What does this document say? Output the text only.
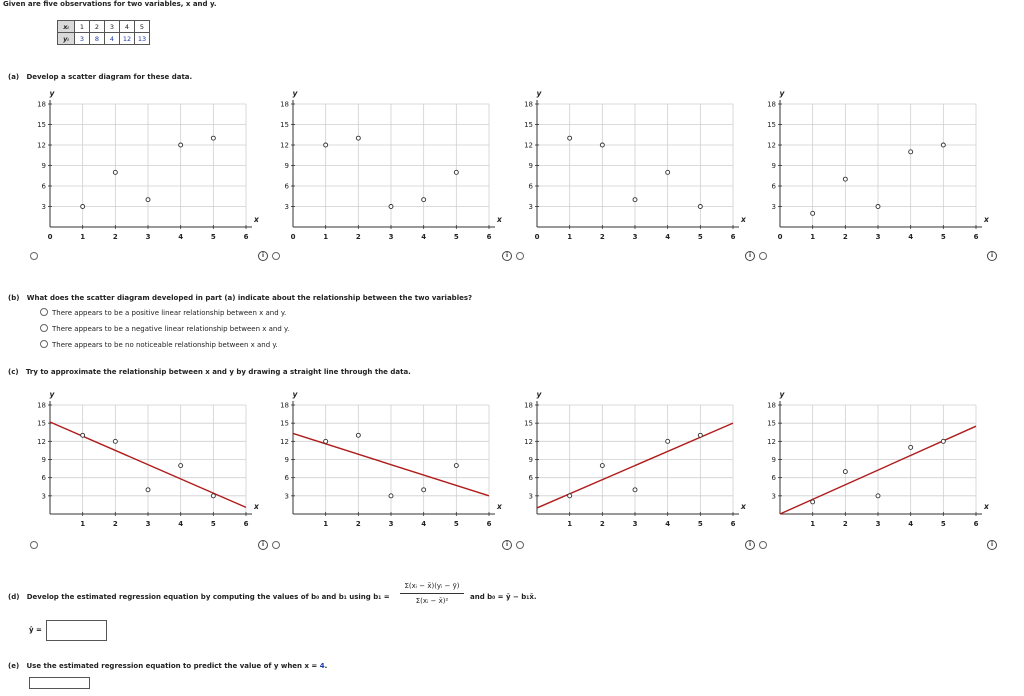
Given are five observations for two variables, x and y.
xᵢ	1	2	3	4	5
yᵢ	3	8	4	12	13
(a) Develop a scatter diagram for these data.
1	2	3	4	5	6
3
6
9
12
15
18
0
x
y
1	2	3	4	5	6
3
6
9
12
15
18
0
x
y
1	2	3	4	5	6
3
6
9
12
15
18
0
x
y
1	2	3	4	5	6
3
6
9
12
15
18
0
x
y
1	2	3	4	5	6
3
6
9
12
15
18
x
y
1	2	3	4	5	6
3
6
9
12
15
18
x
y
1	2	3	4	5	6
3
6
9
12
15
18
x
y
1	2	3	4	5	6
3
6
9
12
15
18
x
y
i	i	i	i
i	i	i	i
(b) What does the scatter diagram developed in part (a) indicate about the relationship between the two variables?
There appears to be a positive linear relationship between x and y.
There appears to be a negative linear relationship between x and y.
There appears to be no noticeable relationship between x and y.
(c) Try to approximate the relationship between x and y by drawing a straight line through the data.
(d) Develop the estimated regression equation by computing the values of b₀ and b₁ using b₁ =
Σ(xᵢ − x̄)(yᵢ − ȳ)
Σ(xᵢ − x̄)²	and b₀ = ȳ − b₁x̄.
ŷ =
(e) Use the estimated regression equation to predict the value of y when x = 4.
